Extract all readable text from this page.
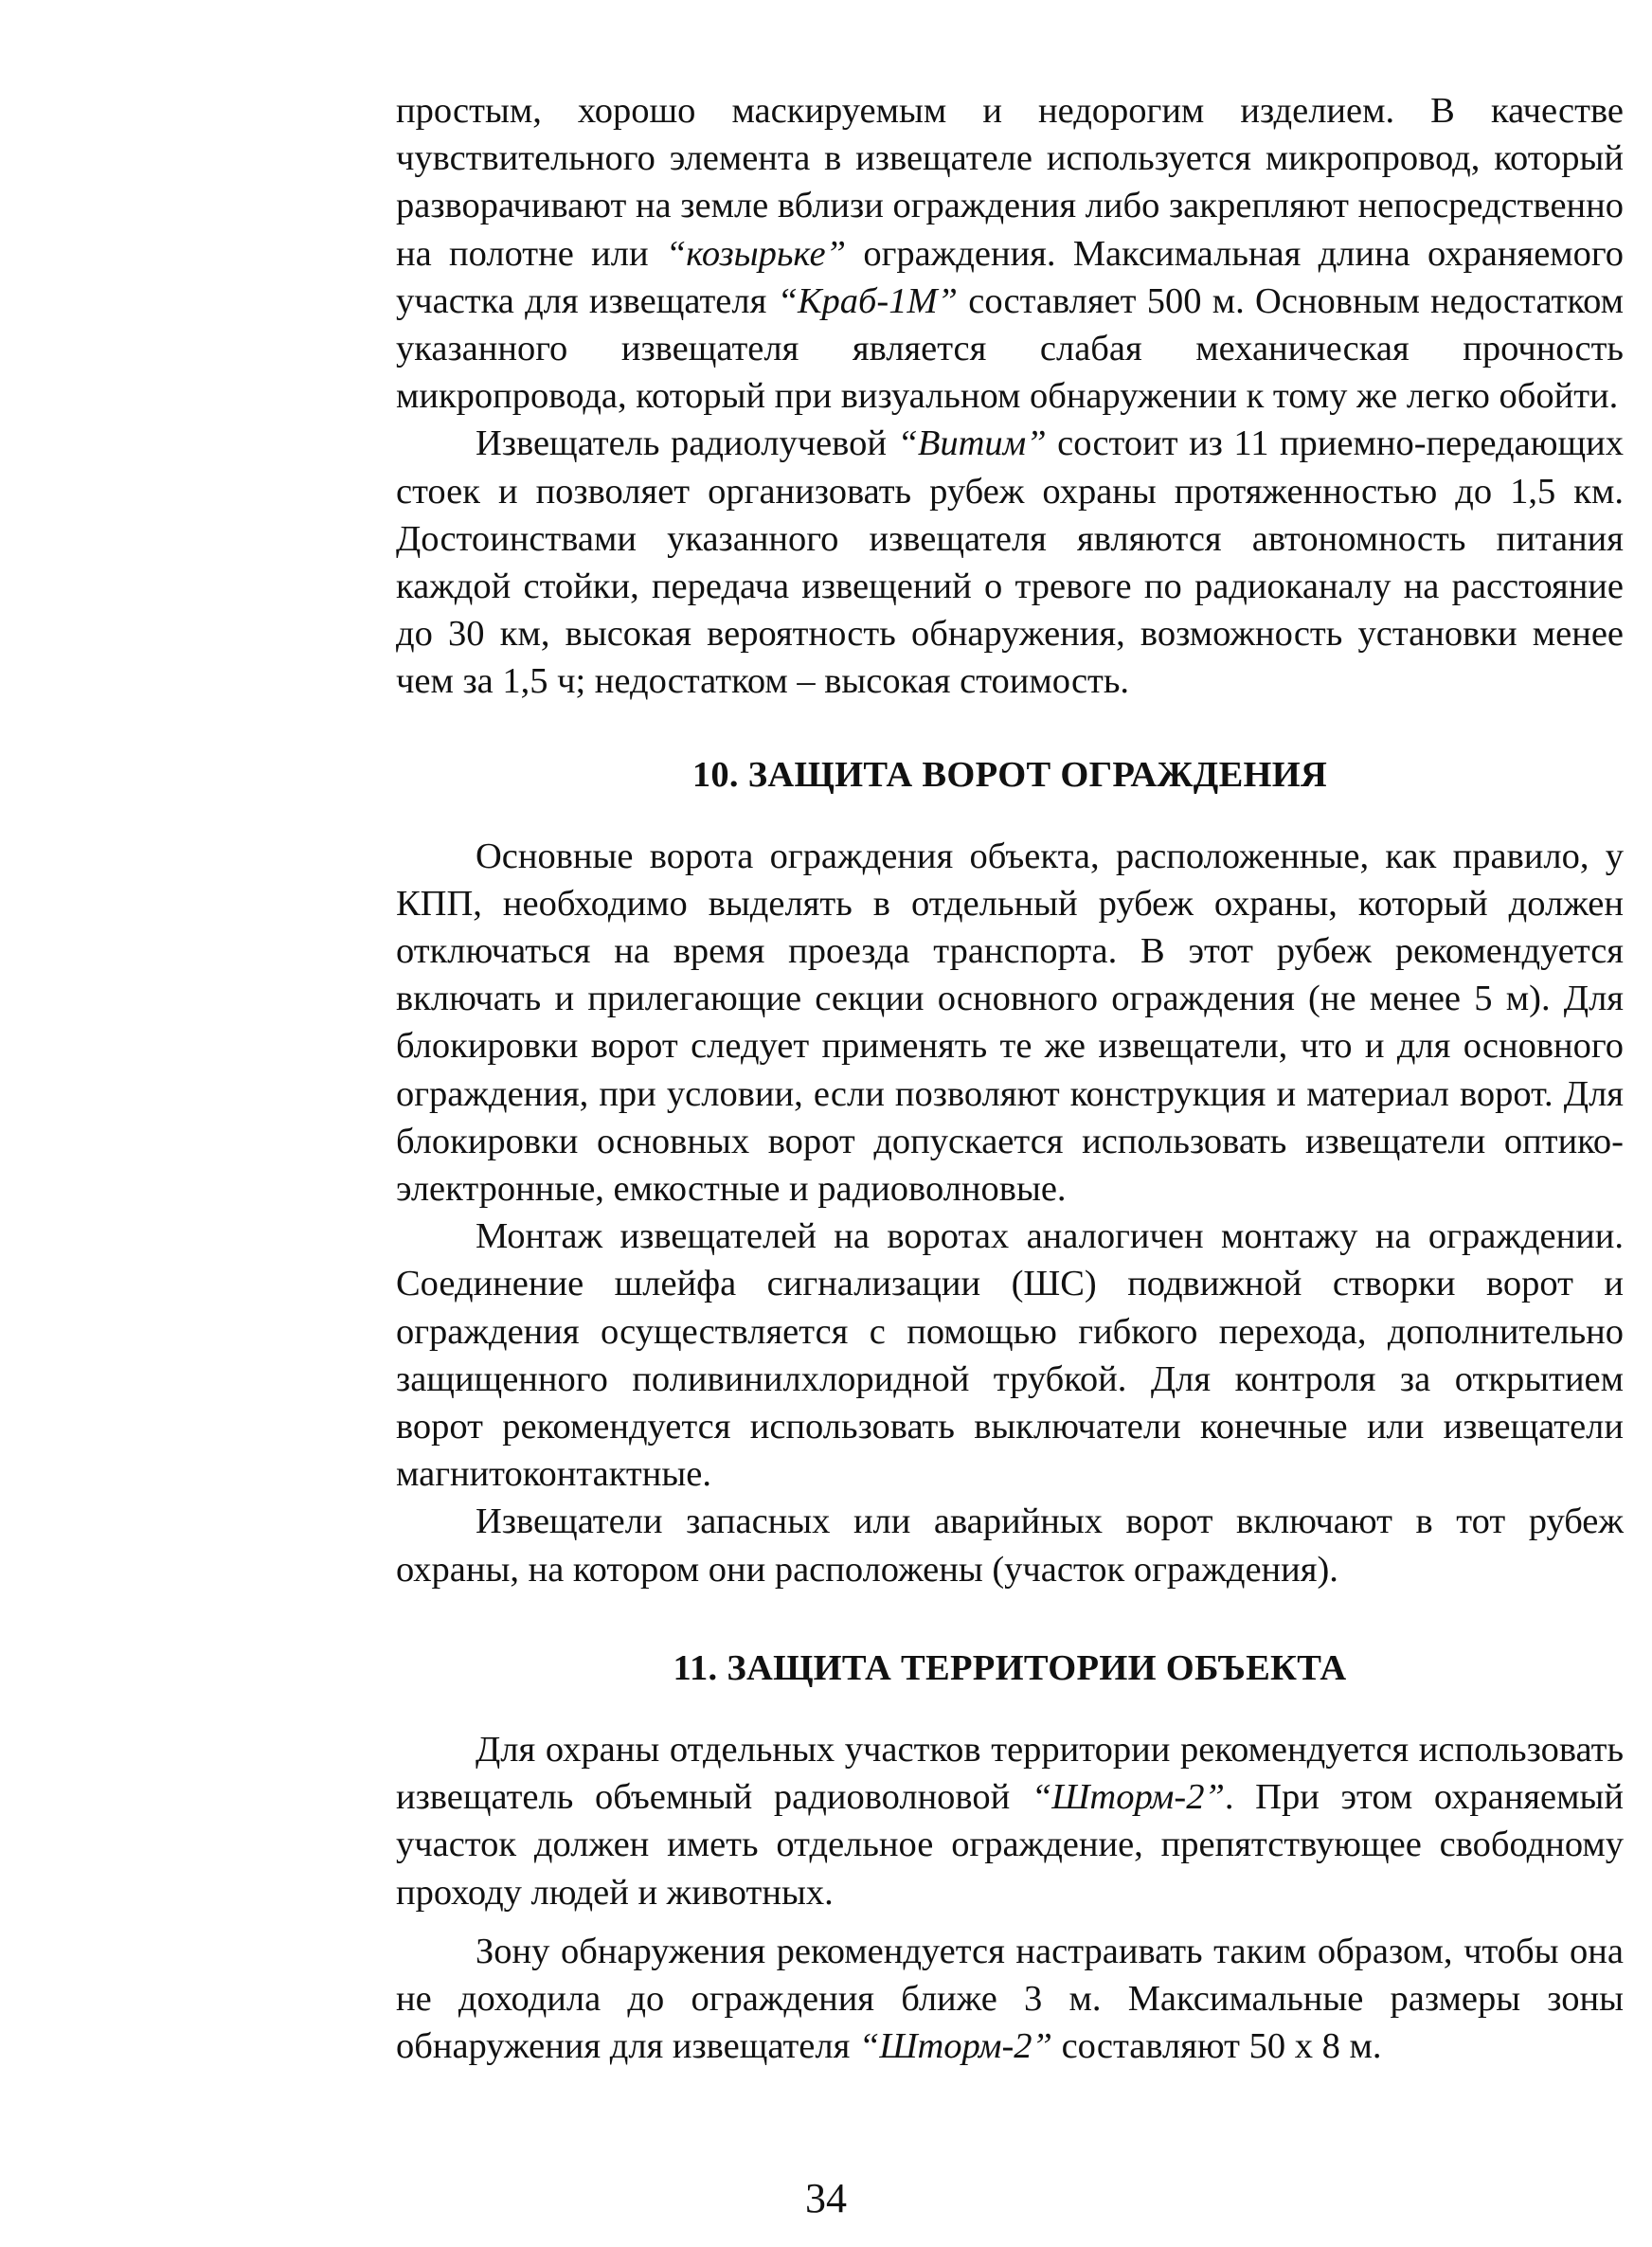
простым, хорошо маскируемым и недорогим изделием. В качестве чувствительного элемента в извещателе используется микропровод, который разворачивают на земле вблизи ограждения либо закрепляют непосредственно на полотне или “козырьке” ограждения. Максимальная длина охраняемого участка для извещателя “Краб-1М” составляет 500 м. Основным недостатком указанного извещателя является слабая механическая прочность микропровода, который при визуальном обнаружении к тому же легко обойти.

Извещатель радиолучевой “Витим” состоит из 11 приемно-передающих стоек и позволяет организовать рубеж охраны протяженностью до 1,5 км. Достоинствами указанного извещателя являются автономность питания каждой стойки, передача извещений о тревоге по радиоканалу на расстояние до 30 км, высокая вероятность обнаружения, возможность установки менее чем за 1,5 ч; недостатком – высокая стоимость.

10. ЗАЩИТА ВОРОТ ОГРАЖДЕНИЯ

Основные ворота ограждения объекта, расположенные, как правило, у КПП, необходимо выделять в отдельный рубеж охраны, который должен отключаться на время проезда транспорта. В этот рубеж рекомендуется включать и прилегающие секции основного ограждения (не менее 5 м). Для блокировки ворот следует применять те же извещатели, что и для основного ограждения, при условии, если позволяют конструкция и материал ворот. Для блокировки основных ворот допускается использовать извещатели оптико-электронные, емкостные и радиоволновые.

Монтаж извещателей на воротах аналогичен монтажу на ограждении. Соединение шлейфа сигнализации (ШС) подвижной створки ворот и ограждения осуществляется с помощью гибкого перехода, дополнительно защищенного поливинилхлоридной трубкой. Для контроля за открытием ворот рекомендуется использовать выключатели конечные или извещатели магнитоконтактные.

Извещатели запасных или аварийных ворот включают в тот рубеж охраны, на котором они расположены (участок ограждения).

11. ЗАЩИТА ТЕРРИТОРИИ ОБЪЕКТА

Для охраны отдельных участков территории рекомендуется использовать извещатель объемный радиоволновой “Шторм-2”. При этом охраняемый участок должен иметь отдельное ограждение, препятствующее свободному проходу людей и животных.

Зону обнаружения рекомендуется настраивать таким образом, чтобы она не доходила до ограждения ближе 3 м. Максимальные размеры зоны обнаружения для извещателя “Шторм-2” составляют 50 х 8 м.

34
